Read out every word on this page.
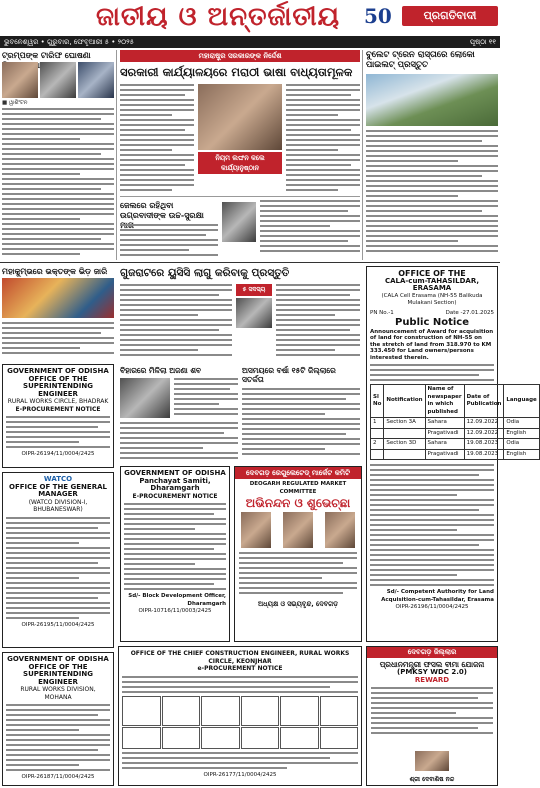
ଜାତୀୟ ଓ ଅନ୍ତର୍ଜାତୀୟ 50	ପ୍ରଗତିବାଦୀ
ଭୁବନେଶ୍ୱର • ଗୁରୁବାର, ଫେବୃଆରୀ ୫ • ୨୦୨୫	ପୃଷ୍ଠା ୧୧
ଟ୍ରମ୍ପଙ୍କ ଟାରିଫ ଘୋଷଣା
■ ୱାଶିଂଟନ
ମହାରାଷ୍ଟ୍ର ସରକାରଙ୍କ ନିର୍ଦ୍ଦେଶ
ସରକାରୀ କାର୍ଯ୍ୟାଳୟରେ ମରାଠୀ ଭାଷା ବାଧ୍ୟତାମୂଳକ
ନିୟମ ଲଙ୍ଘନ କଲେ କାର୍ଯ୍ୟାନୁଷ୍ଠାନ
ଜେଲରେ ରହିଥିବା ଉଗ୍ରବାଦୀଙ୍କ ଉଚ୍ଚ-ସୁରକ୍ଷା
ବୁଲେଟ ଟ୍ରେନ ରାସ୍ତାରେ ଲୋକୋ ପାଇଲଟ୍ ପ୍ରସ୍ତୁତ
ମହାକୁମ୍ଭରେ ଭକ୍ତଙ୍କ ଭିଡ଼ ଜାରି
GOVERNMENT OF ODISHA
OFFICE OF THE SUPERINTENDING ENGINEER
RURAL WORKS CIRCLE, BHADRAK
E-PROCUREMENT NOTICE
OIPR-26194/11/0004/2425
WATCO
OFFICE OF THE GENERAL MANAGER
(WATCO DIVISION-I, BHUBANESWAR)
OIPR-26195/11/0004/2425
ଗୁଜରାଟରେ ୟୁସିସି ଲାଗୁ କରିବାକୁ ପ୍ରସ୍ତୁତି
୫ ସଦସ୍ୟ
ବିହାରରେ ମିଳିଲା ଅଜଣା ଶବ	ଅସମୟରେ ବର୍ଷା ୧୫ଟି ଜିଲ୍ଲାରେ ସତର୍କତା
OFFICE OF THE
CALA-cum-TAHASILDAR, ERASAMA
(CALA Cell Erasama (NH-55 Balikuda Mulakani Section)
PN No.-1	Date -27.01.2025
Public Notice
Announcement of Award for acquisition of land for construction of NH-55 on the stretch of land from 318.970 to KM 333.450 for Land owners/persons interested therein.
Sl No	Notification	Name of newspaper in which published	Date of Publication	Language
1	Section 3A	Sahara	12.09.2022	Odia
		Pragativadi	12.09.2022	English
2	Section 3D	Sahara	19.08.2023	Odia
		Pragativadi	19.08.2023	English
Sd/- Competent Authority for Land Acquisition-cum-Tahasildar, Erasama
OIPR-26196/11/0004/2425
GOVERNMENT OF ODISHA
Panchayat Samiti, Dharamgarh
E-PROCUREMENT NOTICE
Sd/- Block Development Officer, Dharamgarh
OIPR-10716/11/0003/2425
ଦେବଗଡ଼ ରେଗୁଲେଟେଡ୍ ମାର୍କେଟ କମିଟି
DEOGARH REGULATED MARKET COMMITTEE
ଅଭିନନ୍ଦନ ଓ ଶୁଭେଚ୍ଛା
ଅଧ୍ୟକ୍ଷ ଓ ସଭ୍ୟବୃନ୍ଦ, ଦେବଗଡ଼
ଦେବଗଡ଼ ଜିଲ୍ଲାର
ପ୍ରଧାନମନ୍ତ୍ରୀ ଫସଲ ବୀମା ଯୋଜନା
(PMKSY WDC 2.0)
REWARD
ଶ୍ରୀ ଦେବାଶିଷ ନନ୍ଦ
GOVERNMENT OF ODISHA
OFFICE OF THE SUPERINTENDING ENGINEER
RURAL WORKS DIVISION, MOHANA
OIPR-26187/11/0004/2425
OFFICE OF THE CHIEF CONSTRUCTION ENGINEER, RURAL WORKS CIRCLE, KEONJHAR
e-PROCUREMENT NOTICE
OIPR-26177/11/0004/2425
